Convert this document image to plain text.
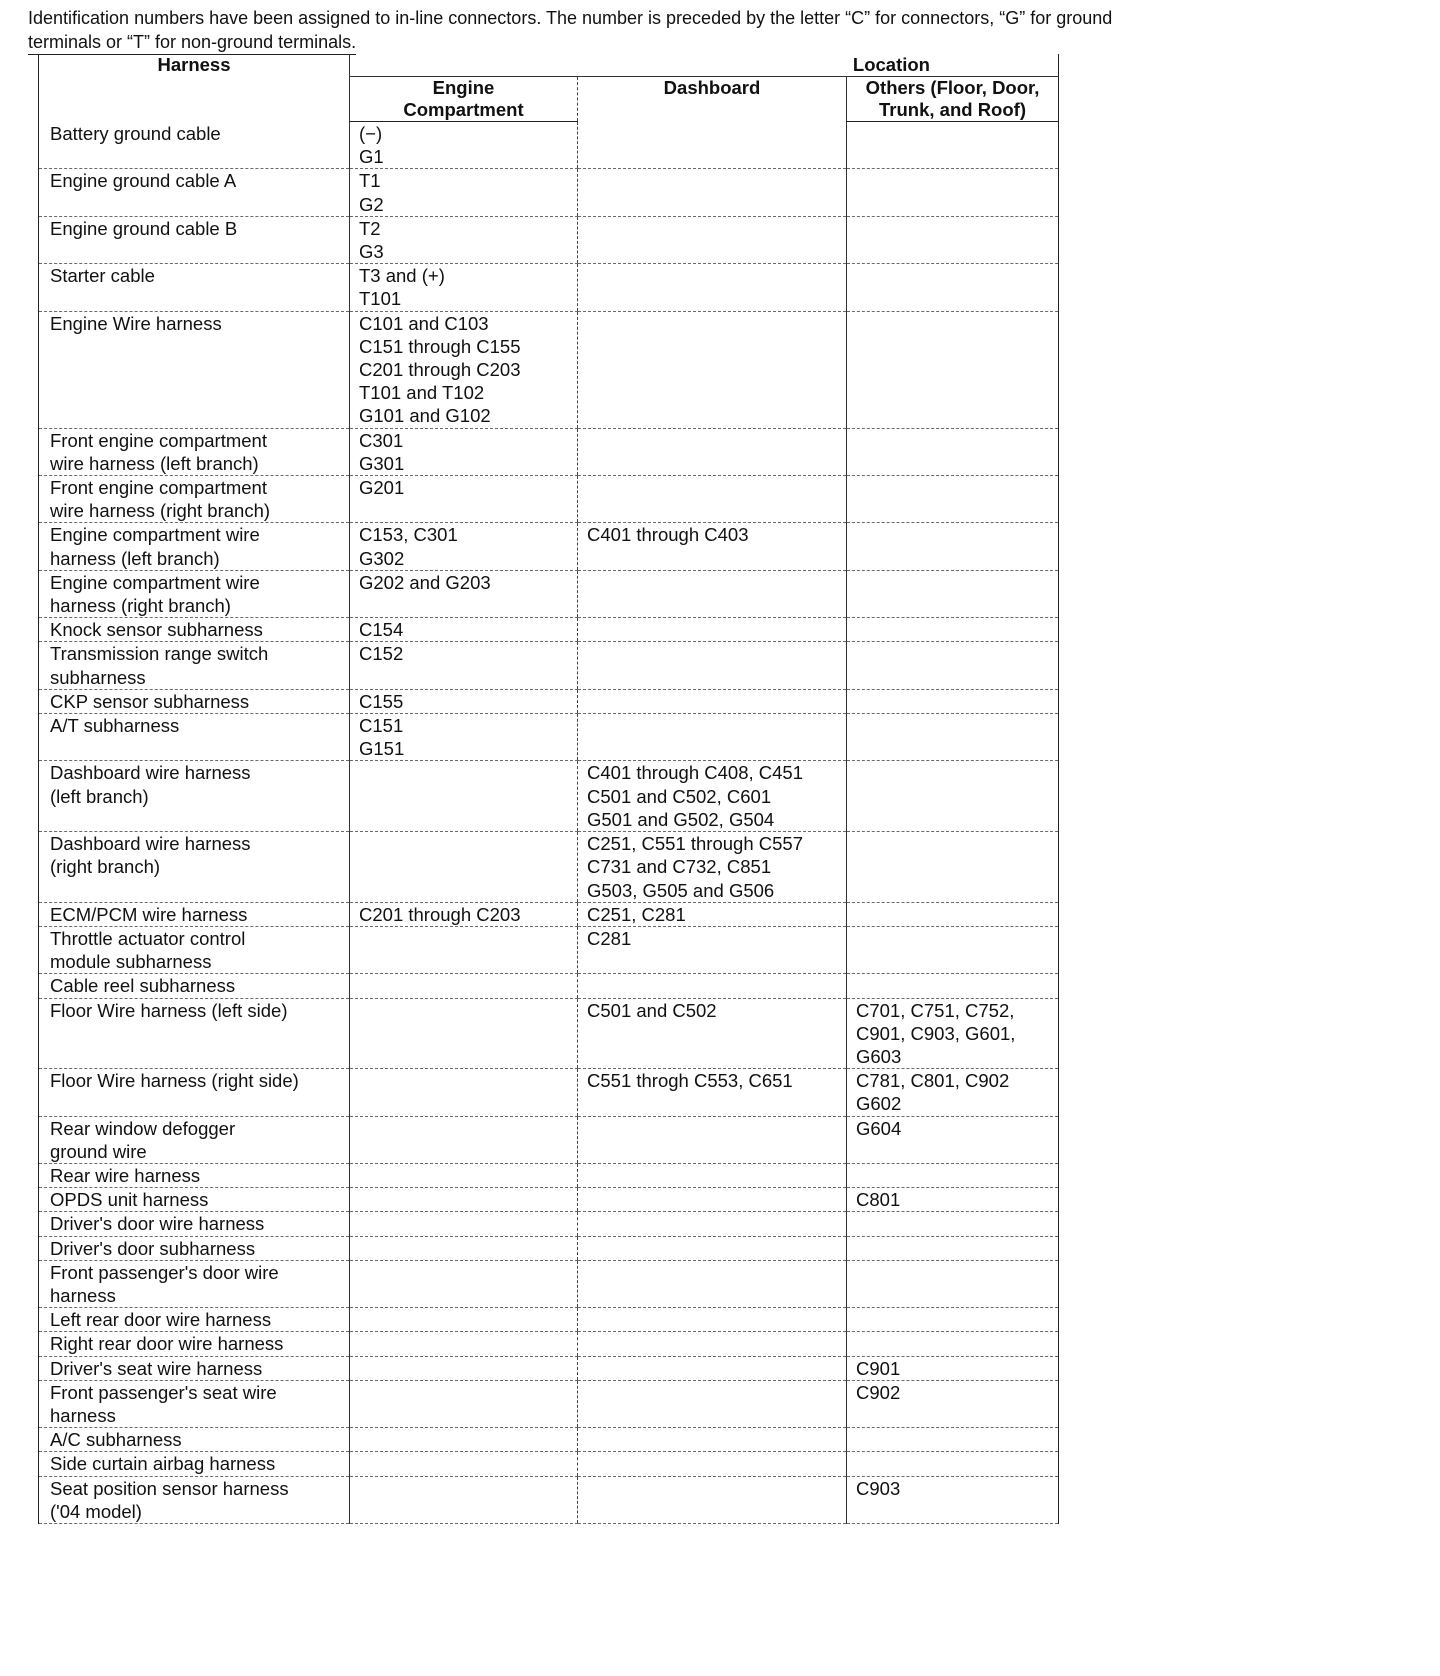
Identification numbers have been assigned to in-line connectors. The number is preceded by the letter “C” for connectors, “G” for ground
terminals or “T” for non-ground terminals.

Harness	Location		
	Engine
Compartment	Dashboard	Others (Floor, Door,
Trunk, and Roof)
Battery ground cable	(−)
G1		
Engine ground cable A	T1
G2		
Engine ground cable B	T2
G3		
Starter cable	T3 and (+)
T101		
Engine Wire harness	C101 and C103
C151 through C155
C201 through C203
T101 and T102
G101 and G102		
Front engine compartment
wire harness (left branch)	C301
G301		
Front engine compartment
wire harness (right branch)	G201		
Engine compartment wire
harness (left branch)	C153, C301
G302	C401 through C403	
Engine compartment wire
harness (right branch)	G202 and G203		
Knock sensor subharness	C154		
Transmission range switch
subharness	C152		
CKP sensor subharness	C155		
A/T subharness	C151
G151		
Dashboard wire harness
(left branch)		C401 through C408, C451
C501 and C502, C601
G501 and G502, G504	
Dashboard wire harness
(right branch)		C251, C551 through C557
C731 and C732, C851
G503, G505 and G506	
ECM/PCM wire harness	C201 through C203	C251, C281	
Throttle actuator control
module subharness		C281	
Cable reel subharness

Floor Wire harness (left side)		C501 and C502	C701, C751, C752,
C901, C903, G601,
G603
Floor Wire harness (right side)		C551 throgh C553, C651	C781, C801, C902
G602
Rear window defogger
ground wire			G604
Rear wire harness

OPDS unit harness			C801
Driver's door wire harness

Driver's door subharness

Front passenger's door wire
harness			
Left rear door wire harness

Right rear door wire harness

Driver's seat wire harness			C901
Front passenger's seat wire
harness			C902
A/C subharness

Side curtain airbag harness			
Seat position sensor harness
('04 model)			C903
